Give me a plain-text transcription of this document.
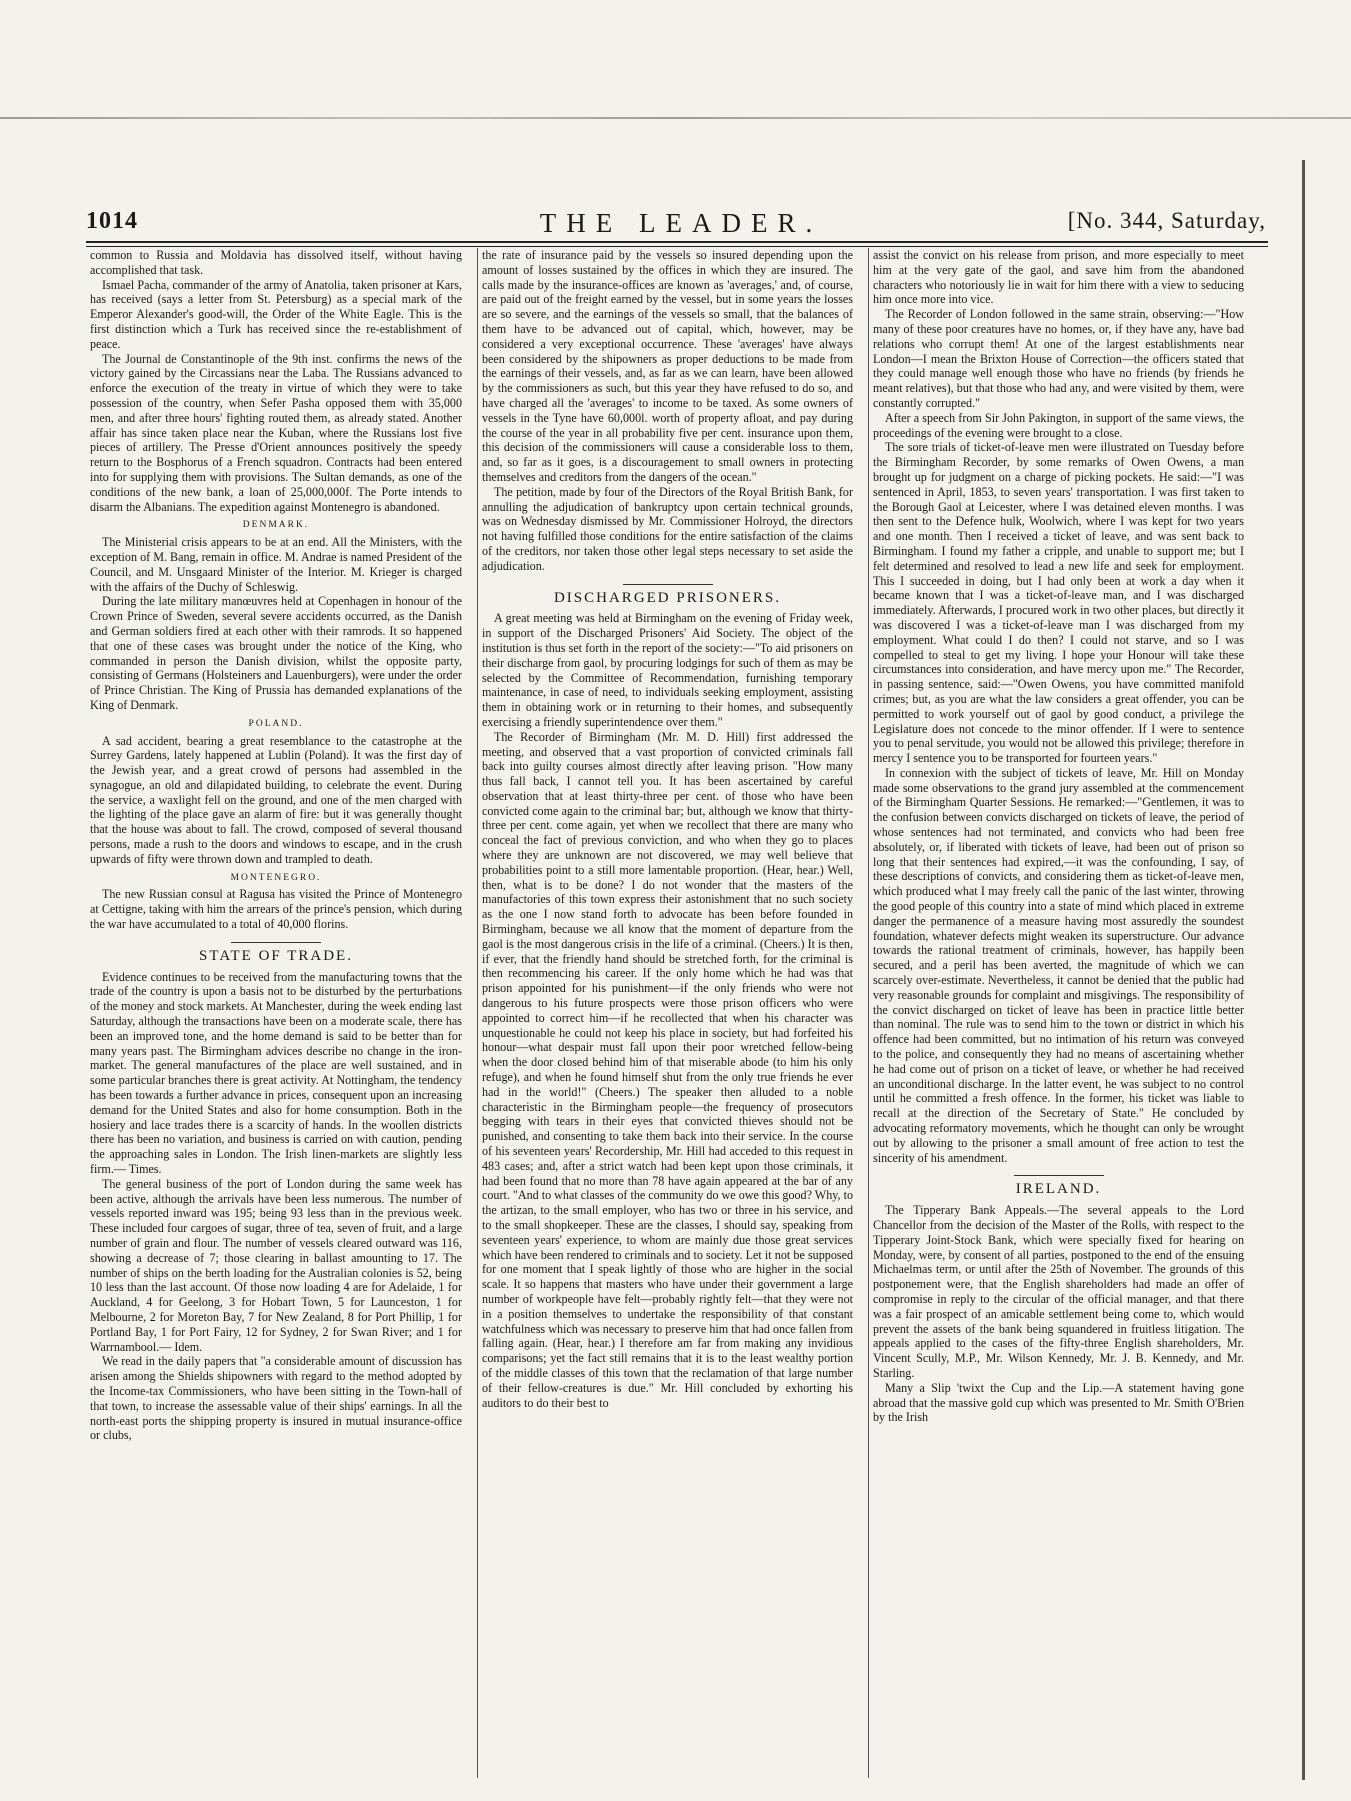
1014	THE LEADER.	[No. 344, Saturday,

common to Russia and Moldavia has dissolved itself, without having accomplished that task.

Ismael Pacha, commander of the army of Anatolia, taken prisoner at Kars, has received (says a letter from St. Petersburg) as a special mark of the Emperor Alexander's good-will, the Order of the White Eagle. This is the first distinction which a Turk has received since the re-establishment of peace.

The Journal de Constantinople of the 9th inst. confirms the news of the victory gained by the Circassians near the Laba. The Russians advanced to enforce the execution of the treaty in virtue of which they were to take possession of the country, when Sefer Pasha opposed them with 35,000 men, and after three hours' fighting routed them, as already stated. Another affair has since taken place near the Kuban, where the Russians lost five pieces of artillery. The Presse d'Orient announces positively the speedy return to the Bosphorus of a French squadron. Contracts had been entered into for supplying them with provisions. The Sultan demands, as one of the conditions of the new bank, a loan of 25,000,000f. The Porte intends to disarm the Albanians. The expedition against Montenegro is abandoned.

DENMARK.

The Ministerial crisis appears to be at an end. All the Ministers, with the exception of M. Bang, remain in office. M. Andrae is named President of the Council, and M. Unsgaard Minister of the Interior. M. Krieger is charged with the affairs of the Duchy of Schleswig.

During the late military manœuvres held at Copenhagen in honour of the Crown Prince of Sweden, several severe accidents occurred, as the Danish and German soldiers fired at each other with their ramrods. It so happened that one of these cases was brought under the notice of the King, who commanded in person the Danish division, whilst the opposite party, consisting of Germans (Holsteiners and Lauenburgers), were under the order of Prince Christian. The King of Prussia has demanded explanations of the King of Denmark.

POLAND.

A sad accident, bearing a great resemblance to the catastrophe at the Surrey Gardens, lately happened at Lublin (Poland). It was the first day of the Jewish year, and a great crowd of persons had assembled in the synagogue, an old and dilapidated building, to celebrate the event. During the service, a waxlight fell on the ground, and one of the men charged with the lighting of the place gave an alarm of fire: but it was generally thought that the house was about to fall. The crowd, composed of several thousand persons, made a rush to the doors and windows to escape, and in the crush upwards of fifty were thrown down and trampled to death.

MONTENEGRO.

The new Russian consul at Ragusa has visited the Prince of Montenegro at Cettigne, taking with him the arrears of the prince's pension, which during the war have accumulated to a total of 40,000 florins.

STATE OF TRADE.

Evidence continues to be received from the manufacturing towns that the trade of the country is upon a basis not to be disturbed by the perturbations of the money and stock markets. At Manchester, during the week ending last Saturday, although the transactions have been on a moderate scale, there has been an improved tone, and the home demand is said to be better than for many years past. The Birmingham advices describe no change in the iron-market. The general manufactures of the place are well sustained, and in some particular branches there is great activity. At Nottingham, the tendency has been towards a further advance in prices, consequent upon an increasing demand for the United States and also for home consumption. Both in the hosiery and lace trades there is a scarcity of hands. In the woollen districts there has been no variation, and business is carried on with caution, pending the approaching sales in London. The Irish linen-markets are slightly less firm.— Times.

The general business of the port of London during the same week has been active, although the arrivals have been less numerous. The number of vessels reported inward was 195; being 93 less than in the previous week. These included four cargoes of sugar, three of tea, seven of fruit, and a large number of grain and flour. The number of vessels cleared outward was 116, showing a decrease of 7; those clearing in ballast amounting to 17. The number of ships on the berth loading for the Australian colonies is 52, being 10 less than the last account. Of those now loading 4 are for Adelaide, 1 for Auckland, 4 for Geelong, 3 for Hobart Town, 5 for Launceston, 1 for Melbourne, 2 for Moreton Bay, 7 for New Zealand, 8 for Port Phillip, 1 for Portland Bay, 1 for Port Fairy, 12 for Sydney, 2 for Swan River; and 1 for Warrnambool.— Idem.

We read in the daily papers that "a considerable amount of discussion has arisen among the Shields shipowners with regard to the method adopted by the Income-tax Commissioners, who have been sitting in the Town-hall of that town, to increase the assessable value of their ships' earnings. In all the north-east ports the shipping property is insured in mutual insurance-office or clubs,

the rate of insurance paid by the vessels so insured depending upon the amount of losses sustained by the offices in which they are insured. The calls made by the insurance-offices are known as 'averages,' and, of course, are paid out of the freight earned by the vessel, but in some years the losses are so severe, and the earnings of the vessels so small, that the balances of them have to be advanced out of capital, which, however, may be considered a very exceptional occurrence. These 'averages' have always been considered by the shipowners as proper deductions to be made from the earnings of their vessels, and, as far as we can learn, have been allowed by the commissioners as such, but this year they have refused to do so, and have charged all the 'averages' to income to be taxed. As some owners of vessels in the Tyne have 60,000l. worth of property afloat, and pay during the course of the year in all probability five per cent. insurance upon them, this decision of the commissioners will cause a considerable loss to them, and, so far as it goes, is a discouragement to small owners in protecting themselves and creditors from the dangers of the ocean."

The petition, made by four of the Directors of the Royal British Bank, for annulling the adjudication of bankruptcy upon certain technical grounds, was on Wednesday dismissed by Mr. Commissioner Holroyd, the directors not having fulfilled those conditions for the entire satisfaction of the claims of the creditors, nor taken those other legal steps necessary to set aside the adjudication.

DISCHARGED PRISONERS.

A great meeting was held at Birmingham on the evening of Friday week, in support of the Discharged Prisoners' Aid Society. The object of the institution is thus set forth in the report of the society:—"To aid prisoners on their discharge from gaol, by procuring lodgings for such of them as may be selected by the Committee of Recommendation, furnishing temporary maintenance, in case of need, to individuals seeking employment, assisting them in obtaining work or in returning to their homes, and subsequently exercising a friendly superintendence over them."

The Recorder of Birmingham (Mr. M. D. Hill) first addressed the meeting, and observed that a vast proportion of convicted criminals fall back into guilty courses almost directly after leaving prison. "How many thus fall back, I cannot tell you. It has been ascertained by careful observation that at least thirty-three per cent. of those who have been convicted come again to the criminal bar; but, although we know that thirty-three per cent. come again, yet when we recollect that there are many who conceal the fact of previous conviction, and who when they go to places where they are unknown are not discovered, we may well believe that probabilities point to a still more lamentable proportion. (Hear, hear.) Well, then, what is to be done? I do not wonder that the masters of the manufactories of this town express their astonishment that no such society as the one I now stand forth to advocate has been before founded in Birmingham, because we all know that the moment of departure from the gaol is the most dangerous crisis in the life of a criminal. (Cheers.) It is then, if ever, that the friendly hand should be stretched forth, for the criminal is then recommencing his career. If the only home which he had was that prison appointed for his punishment—if the only friends who were not dangerous to his future prospects were those prison officers who were appointed to correct him—if he recollected that when his character was unquestionable he could not keep his place in society, but had forfeited his honour—what despair must fall upon their poor wretched fellow-being when the door closed behind him of that miserable abode (to him his only refuge), and when he found himself shut from the only true friends he ever had in the world!" (Cheers.) The speaker then alluded to a noble characteristic in the Birmingham people—the frequency of prosecutors begging with tears in their eyes that convicted thieves should not be punished, and consenting to take them back into their service. In the course of his seventeen years' Recordership, Mr. Hill had acceded to this request in 483 cases; and, after a strict watch had been kept upon those criminals, it had been found that no more than 78 have again appeared at the bar of any court. "And to what classes of the community do we owe this good? Why, to the artizan, to the small employer, who has two or three in his service, and to the small shopkeeper. These are the classes, I should say, speaking from seventeen years' experience, to whom are mainly due those great services which have been rendered to criminals and to society. Let it not be supposed for one moment that I speak lightly of those who are higher in the social scale. It so happens that masters who have under their government a large number of workpeople have felt—probably rightly felt—that they were not in a position themselves to undertake the responsibility of that constant watchfulness which was necessary to preserve him that had once fallen from falling again. (Hear, hear.) I therefore am far from making any invidious comparisons; yet the fact still remains that it is to the least wealthy portion of the middle classes of this town that the reclamation of that large number of their fellow-creatures is due." Mr. Hill concluded by exhorting his auditors to do their best to

assist the convict on his release from prison, and more especially to meet him at the very gate of the gaol, and save him from the abandoned characters who notoriously lie in wait for him there with a view to seducing him once more into vice.

The Recorder of London followed in the same strain, observing:—"How many of these poor creatures have no homes, or, if they have any, have bad relations who corrupt them! At one of the largest establishments near London—I mean the Brixton House of Correction—the officers stated that they could manage well enough those who have no friends (by friends he meant relatives), but that those who had any, and were visited by them, were constantly corrupted."

After a speech from Sir John Pakington, in support of the same views, the proceedings of the evening were brought to a close.

The sore trials of ticket-of-leave men were illustrated on Tuesday before the Birmingham Recorder, by some remarks of Owen Owens, a man brought up for judgment on a charge of picking pockets. He said:—"I was sentenced in April, 1853, to seven years' transportation. I was first taken to the Borough Gaol at Leicester, where I was detained eleven months. I was then sent to the Defence hulk, Woolwich, where I was kept for two years and one month. Then I received a ticket of leave, and was sent back to Birmingham. I found my father a cripple, and unable to support me; but I felt determined and resolved to lead a new life and seek for employment. This I succeeded in doing, but I had only been at work a day when it became known that I was a ticket-of-leave man, and I was discharged immediately. Afterwards, I procured work in two other places, but directly it was discovered I was a ticket-of-leave man I was discharged from my employment. What could I do then? I could not starve, and so I was compelled to steal to get my living. I hope your Honour will take these circumstances into consideration, and have mercy upon me." The Recorder, in passing sentence, said:—"Owen Owens, you have committed manifold crimes; but, as you are what the law considers a great offender, you can be permitted to work yourself out of gaol by good conduct, a privilege the Legislature does not concede to the minor offender. If I were to sentence you to penal servitude, you would not be allowed this privilege; therefore in mercy I sentence you to be transported for fourteen years."

In connexion with the subject of tickets of leave, Mr. Hill on Monday made some observations to the grand jury assembled at the commencement of the Birmingham Quarter Sessions. He remarked:—"Gentlemen, it was to the confusion between convicts discharged on tickets of leave, the period of whose sentences had not terminated, and convicts who had been free absolutely, or, if liberated with tickets of leave, had been out of prison so long that their sentences had expired,—it was the confounding, I say, of these descriptions of convicts, and considering them as ticket-of-leave men, which produced what I may freely call the panic of the last winter, throwing the good people of this country into a state of mind which placed in extreme danger the permanence of a measure having most assuredly the soundest foundation, whatever defects might weaken its superstructure. Our advance towards the rational treatment of criminals, however, has happily been secured, and a peril has been averted, the magnitude of which we can scarcely over-estimate. Nevertheless, it cannot be denied that the public had very reasonable grounds for complaint and misgivings. The responsibility of the convict discharged on ticket of leave has been in practice little better than nominal. The rule was to send him to the town or district in which his offence had been committed, but no intimation of his return was conveyed to the police, and consequently they had no means of ascertaining whether he had come out of prison on a ticket of leave, or whether he had received an unconditional discharge. In the latter event, he was subject to no control until he committed a fresh offence. In the former, his ticket was liable to recall at the direction of the Secretary of State." He concluded by advocating reformatory movements, which he thought can only be wrought out by allowing to the prisoner a small amount of free action to test the sincerity of his amendment.

IRELAND.

The Tipperary Bank Appeals.—The several appeals to the Lord Chancellor from the decision of the Master of the Rolls, with respect to the Tipperary Joint-Stock Bank, which were specially fixed for hearing on Monday, were, by consent of all parties, postponed to the end of the ensuing Michaelmas term, or until after the 25th of November. The grounds of this postponement were, that the English shareholders had made an offer of compromise in reply to the circular of the official manager, and that there was a fair prospect of an amicable settlement being come to, which would prevent the assets of the bank being squandered in fruitless litigation. The appeals applied to the cases of the fifty-three English shareholders, Mr. Vincent Scully, M.P., Mr. Wilson Kennedy, Mr. J. B. Kennedy, and Mr. Starling.

Many a Slip 'twixt the Cup and the Lip.—A statement having gone abroad that the massive gold cup which was presented to Mr. Smith O'Brien by the Irish
